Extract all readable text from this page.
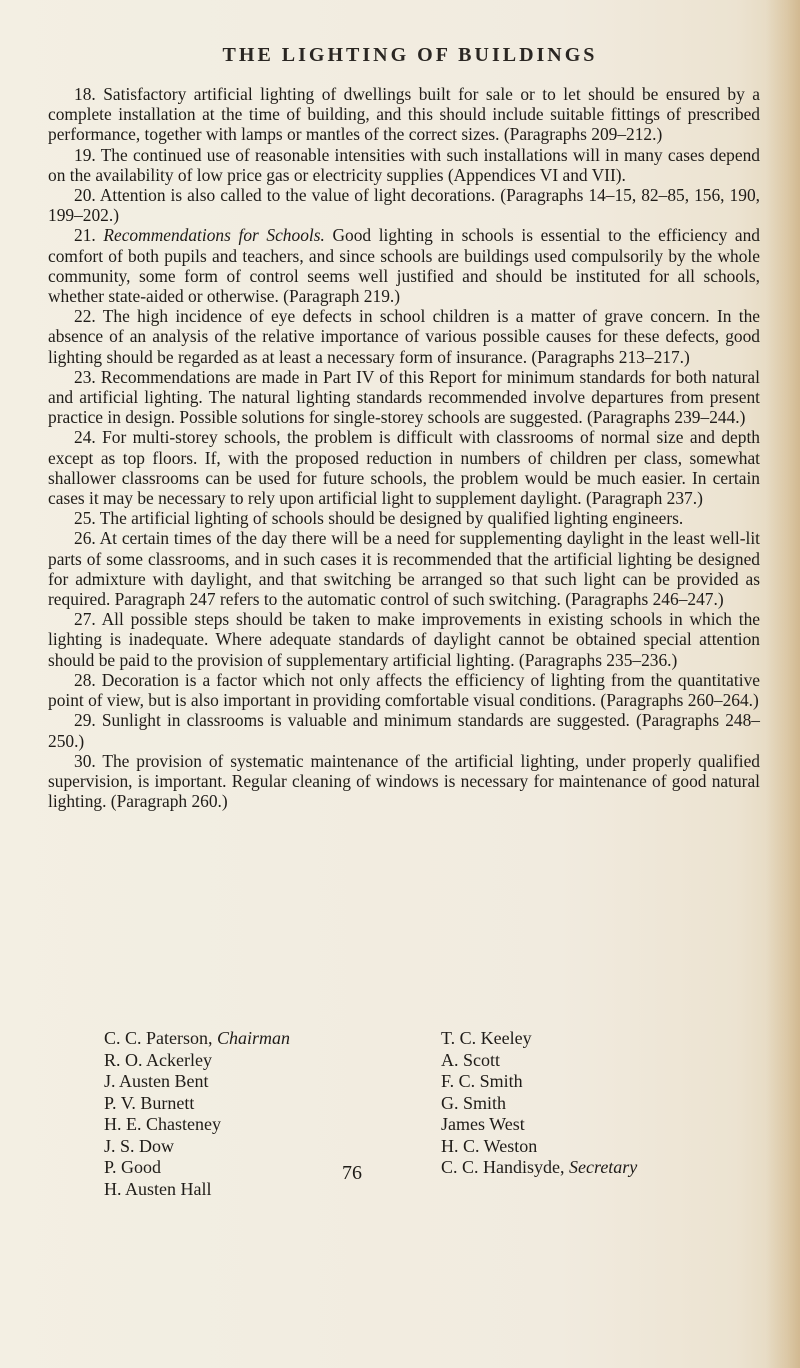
THE LIGHTING OF BUILDINGS

18. Satisfactory artificial lighting of dwellings built for sale or to let should be ensured by a complete installation at the time of building, and this should include suitable fittings of prescribed performance, together with lamps or mantles of the correct sizes. (Paragraphs 209–212.)

19. The continued use of reasonable intensities with such installations will in many cases depend on the availability of low price gas or electricity supplies (Appendices VI and VII).

20. Attention is also called to the value of light decorations. (Paragraphs 14–15, 82–85, 156, 190, 199–202.)

21. Recommendations for Schools. Good lighting in schools is essential to the efficiency and comfort of both pupils and teachers, and since schools are buildings used compulsorily by the whole community, some form of control seems well justified and should be instituted for all schools, whether state-aided or otherwise. (Paragraph 219.)

22. The high incidence of eye defects in school children is a matter of grave concern. In the absence of an analysis of the relative importance of various possible causes for these defects, good lighting should be regarded as at least a necessary form of insurance. (Paragraphs 213–217.)

23. Recommendations are made in Part IV of this Report for minimum standards for both natural and artificial lighting. The natural lighting standards recommended involve departures from present practice in design. Possible solutions for single-storey schools are suggested. (Paragraphs 239–244.)

24. For multi-storey schools, the problem is difficult with classrooms of normal size and depth except as top floors. If, with the proposed reduction in numbers of children per class, somewhat shallower classrooms can be used for future schools, the problem would be much easier. In certain cases it may be necessary to rely upon artificial light to supplement daylight. (Paragraph 237.)

25. The artificial lighting of schools should be designed by qualified lighting engineers.

26. At certain times of the day there will be a need for supplementing daylight in the least well-lit parts of some classrooms, and in such cases it is recommended that the artificial lighting be designed for admixture with daylight, and that switching be arranged so that such light can be provided as required. Paragraph 247 refers to the automatic control of such switching. (Paragraphs 246–247.)

27. All possible steps should be taken to make improvements in existing schools in which the lighting is inadequate. Where adequate standards of daylight cannot be obtained special attention should be paid to the provision of supplementary artificial lighting. (Paragraphs 235–236.)

28. Decoration is a factor which not only affects the efficiency of lighting from the quantitative point of view, but is also important in providing comfortable visual conditions. (Paragraphs 260–264.)

29. Sunlight in classrooms is valuable and minimum standards are suggested. (Paragraphs 248–250.)

30. The provision of systematic maintenance of the artificial lighting, under properly qualified supervision, is important. Regular cleaning of windows is necessary for maintenance of good natural lighting. (Paragraph 260.)

C. C. Paterson, Chairman
R. O. Ackerley
J. Austen Bent
P. V. Burnett
H. E. Chasteney
J. S. Dow
P. Good
H. Austen Hall
T. C. Keeley
A. Scott
F. C. Smith
G. Smith
James West
H. C. Weston
C. C. Handisyde, Secretary
76
